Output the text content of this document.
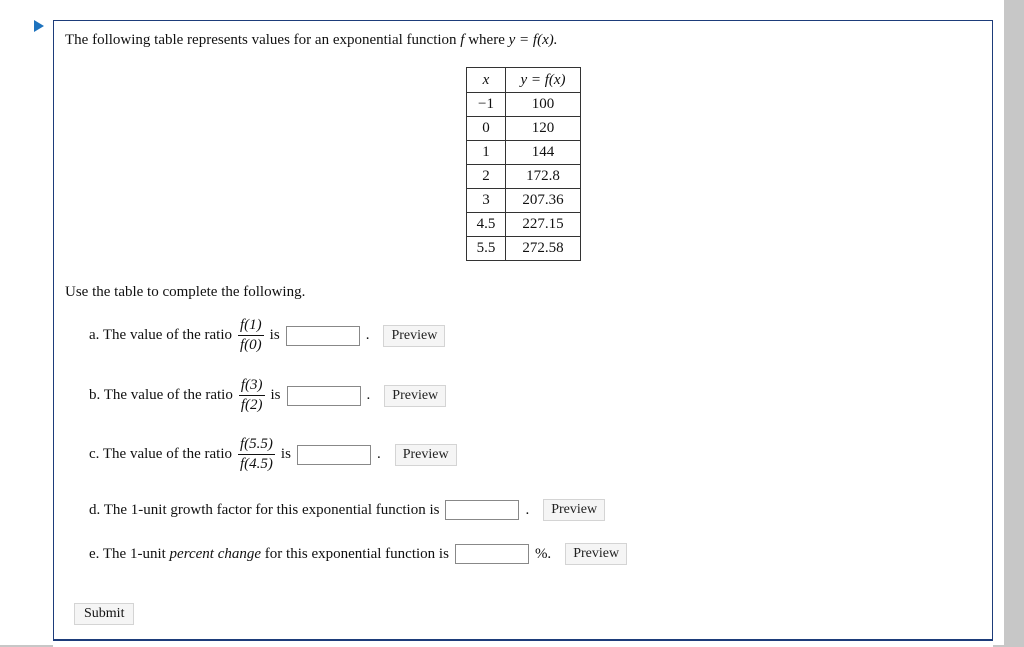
The following table represents values for an exponential function f where y = f(x).
x	y = f(x)
−1	100
0	120
1	144
2	172.8
3	207.36
4.5	227.15
5.5	272.58
Use the table to complete the following.
a. The value of the ratio $\frac{f(1)}{f(0)}$ is	.	Preview
b. The value of the ratio $\frac{f(3)}{f(2)}$ is	.	Preview
c. The value of the ratio $\frac{f(5.5)}{f(4.5)}$ is	.	Preview
d. The 1-unit growth factor for this exponential function is	.	Preview
e. The 1-unit
percent change
for this exponential function is	%.	Preview
Submit
